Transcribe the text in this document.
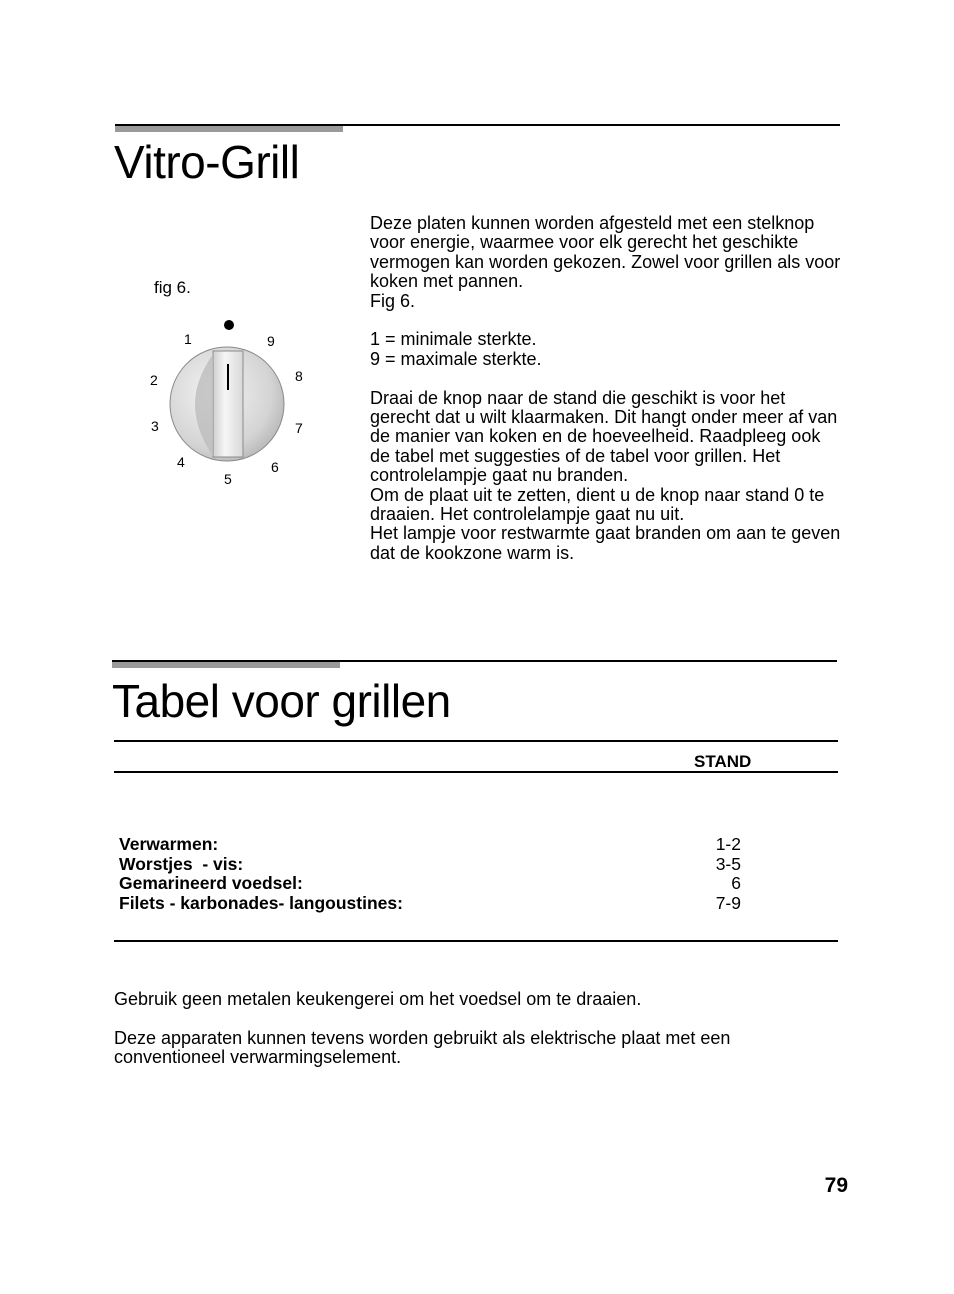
Vitro-Grill
fig 6.
1
2
3
4
5
6
7
8
9

Deze platen kunnen worden afgesteld met een stelknop voor energie, waarmee voor elk gerecht het geschikte vermogen kan worden gekozen. Zowel voor grillen als voor koken met pannen.

Fig 6.

1 = minimale sterkte.

9 = maximale sterkte.

Draai de knop naar de stand die geschikt is voor het gerecht dat u wilt klaarmaken. Dit hangt onder meer af van de manier van koken en de hoeveelheid. Raadpleeg ook de tabel met suggesties of de tabel voor grillen. Het controlelampje gaat nu branden.

Om de plaat uit te zetten, dient u de knop naar stand 0 te draaien. Het controlelampje gaat nu uit.

Het lampje voor restwarmte gaat branden om aan te geven dat de kookzone warm is.

Tabel voor grillen
STAND
Verwarmen:	1-2
Worstjes  - vis:	3-5
Gemarineerd voedsel:	6
Filets - karbonades- langoustines:	7-9
Gebruik geen metalen keukengerei om het voedsel om te draaien.
Deze apparaten kunnen tevens worden gebruikt als elektrische plaat met een conventioneel verwarmingselement.
79
